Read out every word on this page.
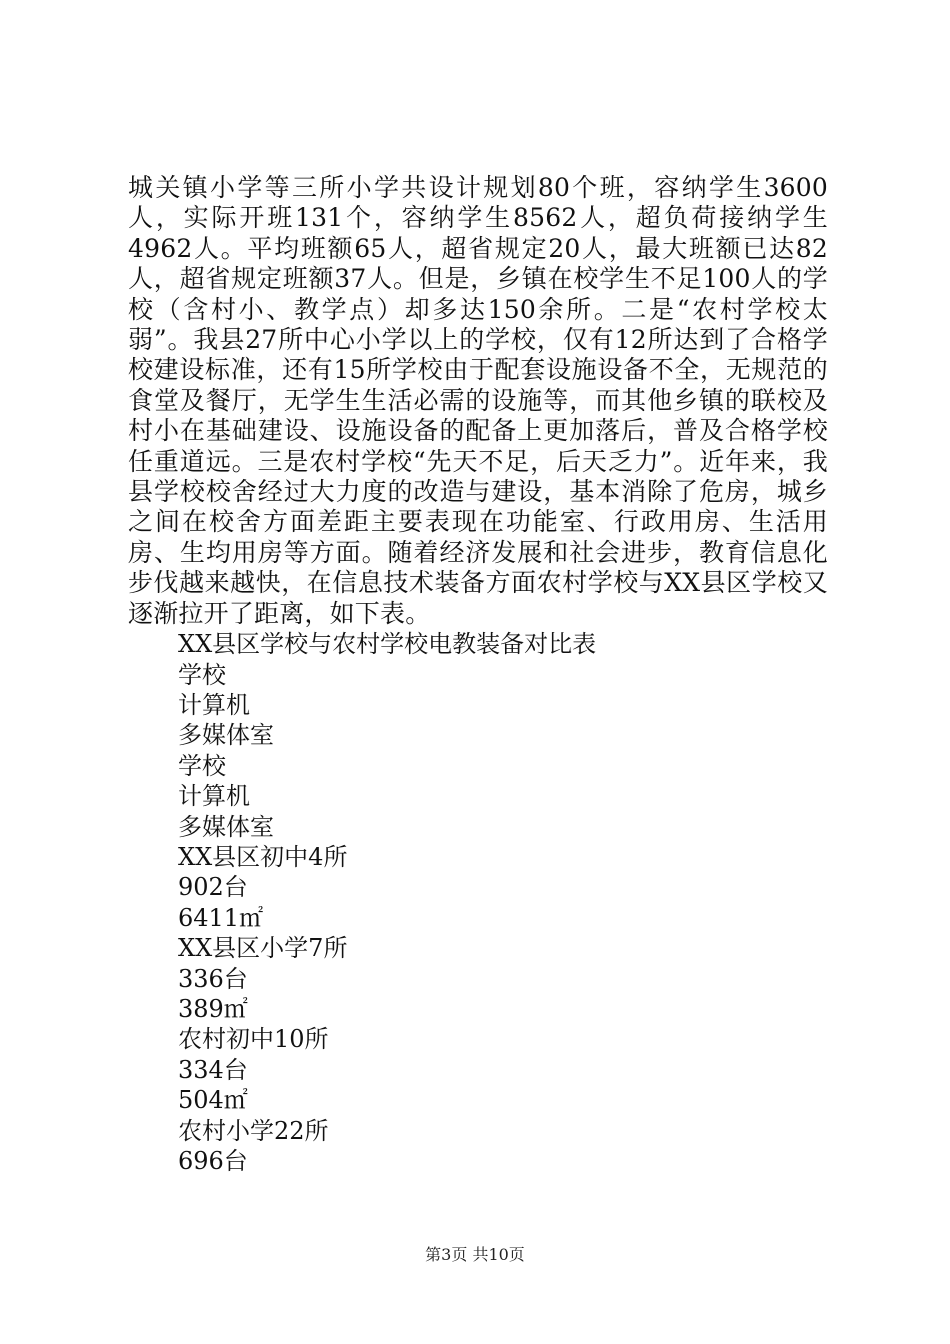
城关镇小学等三所小学共设计规划80个班，容纳学生3600人，实际开班131个，容纳学生8562人，超负荷接纳学生4962人。平均班额65人，超省规定20人，最大班额已达82人，超省规定班额37人。但是，乡镇在校学生不足100人的学校（含村小、教学点）却多达150余所。二是“农村学校太弱”。我县27所中心小学以上的学校，仅有12所达到了合格学校建设标准，还有15所学校由于配套设施设备不全，无规范的食堂及餐厅，无学生生活必需的设施等，而其他乡镇的联校及村小在基础建设、设施设备的配备上更加落后，普及合格学校任重道远。三是农村学校“先天不足，后天乏力”。近年来，我县学校校舍经过大力度的改造与建设，基本消除了危房，城乡之间在校舍方面差距主要表现在功能室、行政用房、生活用房、生均用房等方面。随着经济发展和社会进步，教育信息化步伐越来越快，在信息技术装备方面农村学校与XX县区学校又逐渐拉开了距离，如下表。

XX县区学校与农村学校电教装备对比表
学校
计算机
多媒体室
学校
计算机
多媒体室
XX县区初中4所
902台
6411㎡
XX县区小学7所
336台
389㎡
农村初中10所
334台
504㎡
农村小学22所
696台
第3页 共10页
